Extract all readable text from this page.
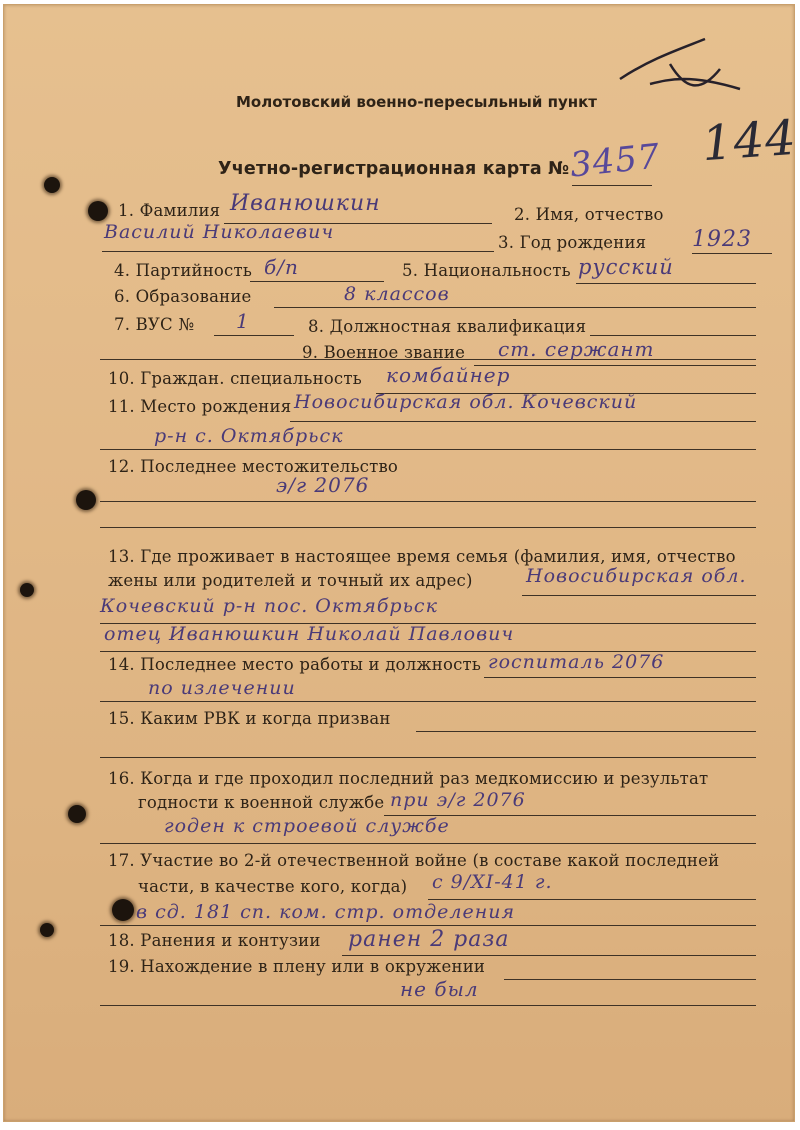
Молотовский военно-пересыльный пункт
Учетно-регистрационная карта №
3457 144
1. Фамилия Иванюшкин	2. Имя, отчество
Василий Николаевич	3. Год рождения 1923
4. Партийность б/п	5. Национальность русский
6. Образование	8 классов
7. ВУС № 1	8. Должностная квалификация
9. Военное звание ст. сержант
10. Граждан. специальность комбайнер
11. Место рождения Новосибирская обл. Кочевский
р-н с. Октябрьск
12. Последнее местожительство
э/г 2076
13. Где проживает в настоящее время семья (фамилия, имя, отчество
жены или родителей и точный их адрес)	Новосибирская обл.
Кочевский р-н пос. Октябрьск
отец Иванюшкин Николай Павлович
14. Последнее место работы и должность госпиталь 2076
по излечении
15. Каким РВК и когда призван
16. Когда и где проходил последний раз медкомиссию и результат
годности к военной службе при э/г 2076
годен к строевой службе
17. Участие во 2-й отечественной войне (в составе какой последней
части, в качестве кого, когда) с 9/XI-41 г.
в сд. 181 сп. ком. стр. отделения
18. Ранения и контузии ранен 2 раза
19. Нахождение в плену или в окружении
не был
